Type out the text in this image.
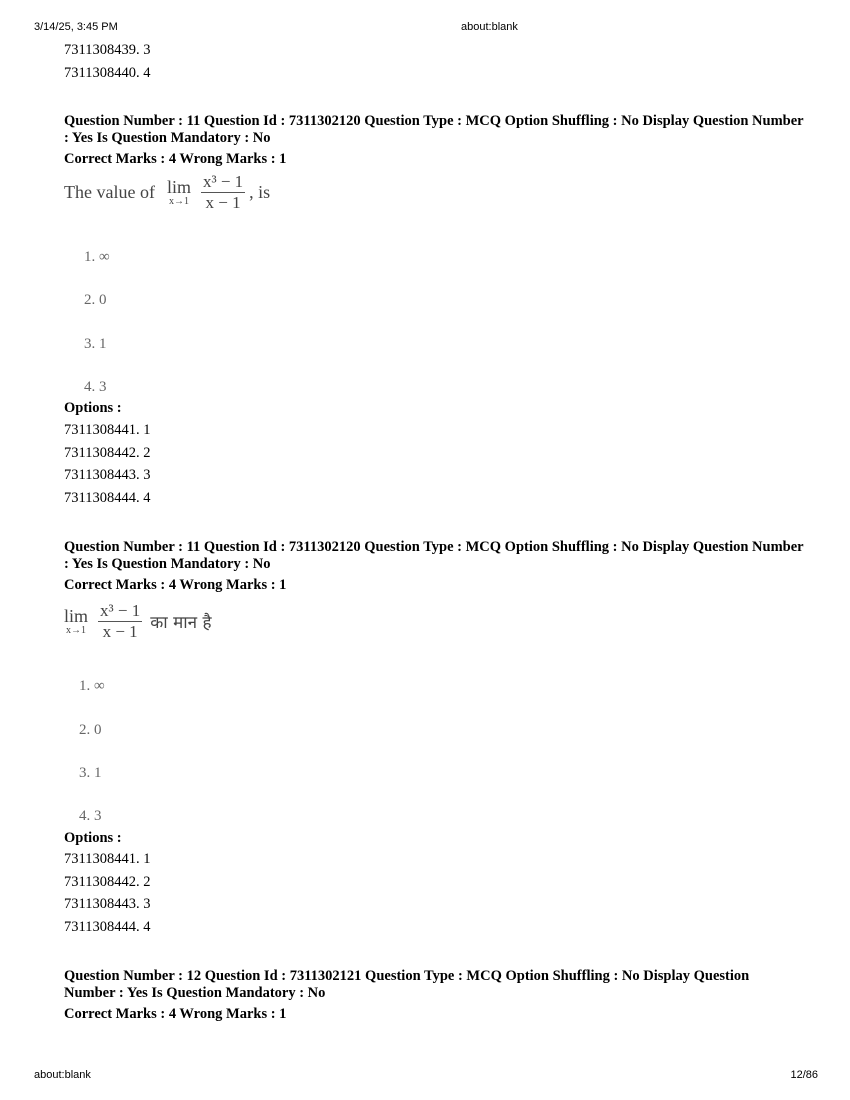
3/14/25, 3:45 PM	about:blank
7311308439. 3
7311308440. 4
Question Number : 11 Question Id : 7311302120 Question Type : MCQ Option Shuffling : No Display Question Number : Yes Is Question Mandatory : No
Correct Marks : 4 Wrong Marks : 1
The value of lim
x→1
$\frac{\text{x³ − 1}}{x - 1}$ , is
1. ∞
2. 0
3. 1
4. 3
Options :
7311308441. 1
7311308442. 2
7311308443. 3
7311308444. 4
Question Number : 11 Question Id : 7311302120 Question Type : MCQ Option Shuffling : No Display Question Number : Yes Is Question Mandatory : No
Correct Marks : 4 Wrong Marks : 1
lim
x→1
$\frac{\text{x³ − 1}}{x - 1}$ का मान है
1. ∞
2. 0
3. 1
4. 3
Options :
7311308441. 1
7311308442. 2
7311308443. 3
7311308444. 4
Question Number : 12 Question Id : 7311302121 Question Type : MCQ Option Shuffling : No Display Question Number : Yes Is Question Mandatory : No
Correct Marks : 4 Wrong Marks : 1
about:blank	12/86
